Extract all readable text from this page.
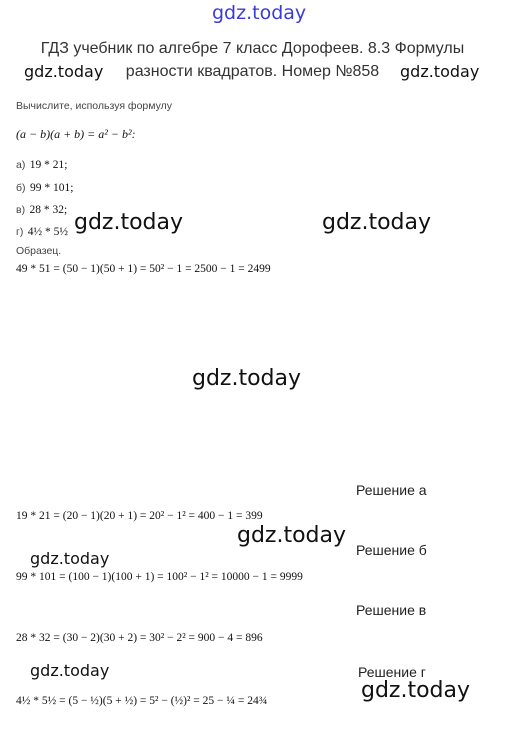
gdz.today
gdz.today	gdz.today
gdz.today	gdz.today
gdz.today
gdz.today
gdz.today
gdz.today
gdz.today
ГДЗ учебник по алгебре 7 класс Дорофеев. 8.3 Формулы
разности квадратов. Номер №858
Вычислите, используя формулу
(a − b)(a + b) = a² − b²:
а) 19 * 21;
б) 99 * 101;
в) 28 * 32;
г) 4½ * 5½
Образец.
49 * 51 = (50 − 1)(50 + 1) = 50² − 1 = 2500 − 1 = 2499
Решение а
19 * 21 = (20 − 1)(20 + 1) = 20² − 1² = 400 − 1 = 399
Решение б
99 * 101 = (100 − 1)(100 + 1) = 100² − 1² = 10000 − 1 = 9999
Решение в
28 * 32 = (30 − 2)(30 + 2) = 30² − 2² = 900 − 4 = 896
Решение г
4½ * 5½ = (5 − ½)(5 + ½) = 5² − (½)² = 25 − ¼ = 24¾
